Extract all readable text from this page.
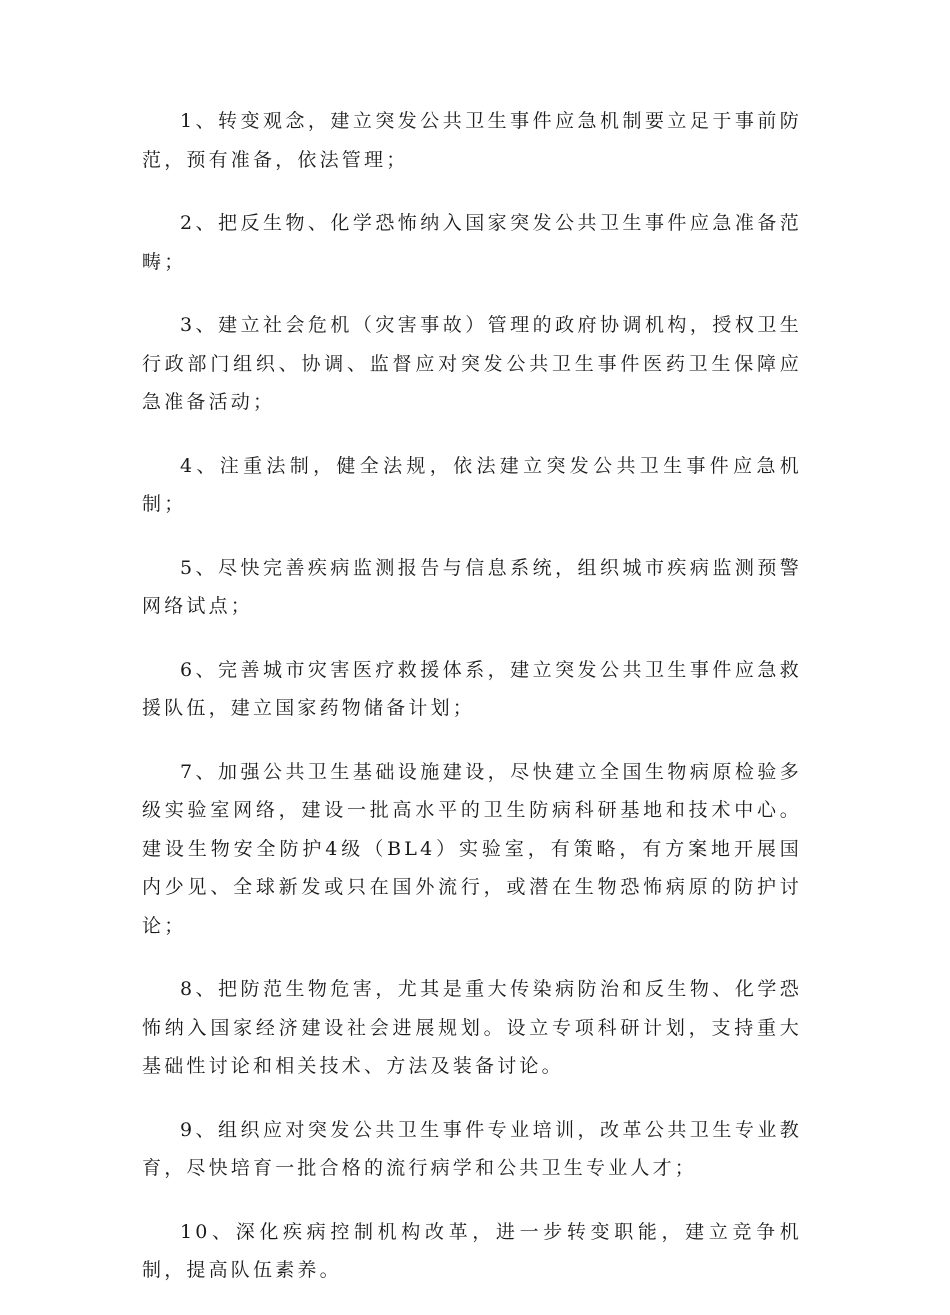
1、转变观念，建立突发公共卫生事件应急机制要立足于事前防范，预有准备，依法管理；

2、把反生物、化学恐怖纳入国家突发公共卫生事件应急准备范畴；

3、建立社会危机（灾害事故）管理的政府协调机构，授权卫生行政部门组织、协调、监督应对突发公共卫生事件医药卫生保障应急准备活动；

4、注重法制，健全法规，依法建立突发公共卫生事件应急机制；

5、尽快完善疾病监测报告与信息系统，组织城市疾病监测预警网络试点；

6、完善城市灾害医疗救援体系，建立突发公共卫生事件应急救援队伍，建立国家药物储备计划；

7、加强公共卫生基础设施建设，尽快建立全国生物病原检验多级实验室网络，建设一批高水平的卫生防病科研基地和技术中心。建设生物安全防护4级（BL4）实验室，有策略，有方案地开展国内少见、全球新发或只在国外流行，或潜在生物恐怖病原的防护讨论；

8、把防范生物危害，尤其是重大传染病防治和反生物、化学恐怖纳入国家经济建设社会进展规划。设立专项科研计划，支持重大基础性讨论和相关技术、方法及装备讨论。

9、组织应对突发公共卫生事件专业培训，改革公共卫生专业教育，尽快培育一批合格的流行病学和公共卫生专业人才；

10、深化疾病控制机构改革，进一步转变职能，建立竞争机制，提高队伍素养。
